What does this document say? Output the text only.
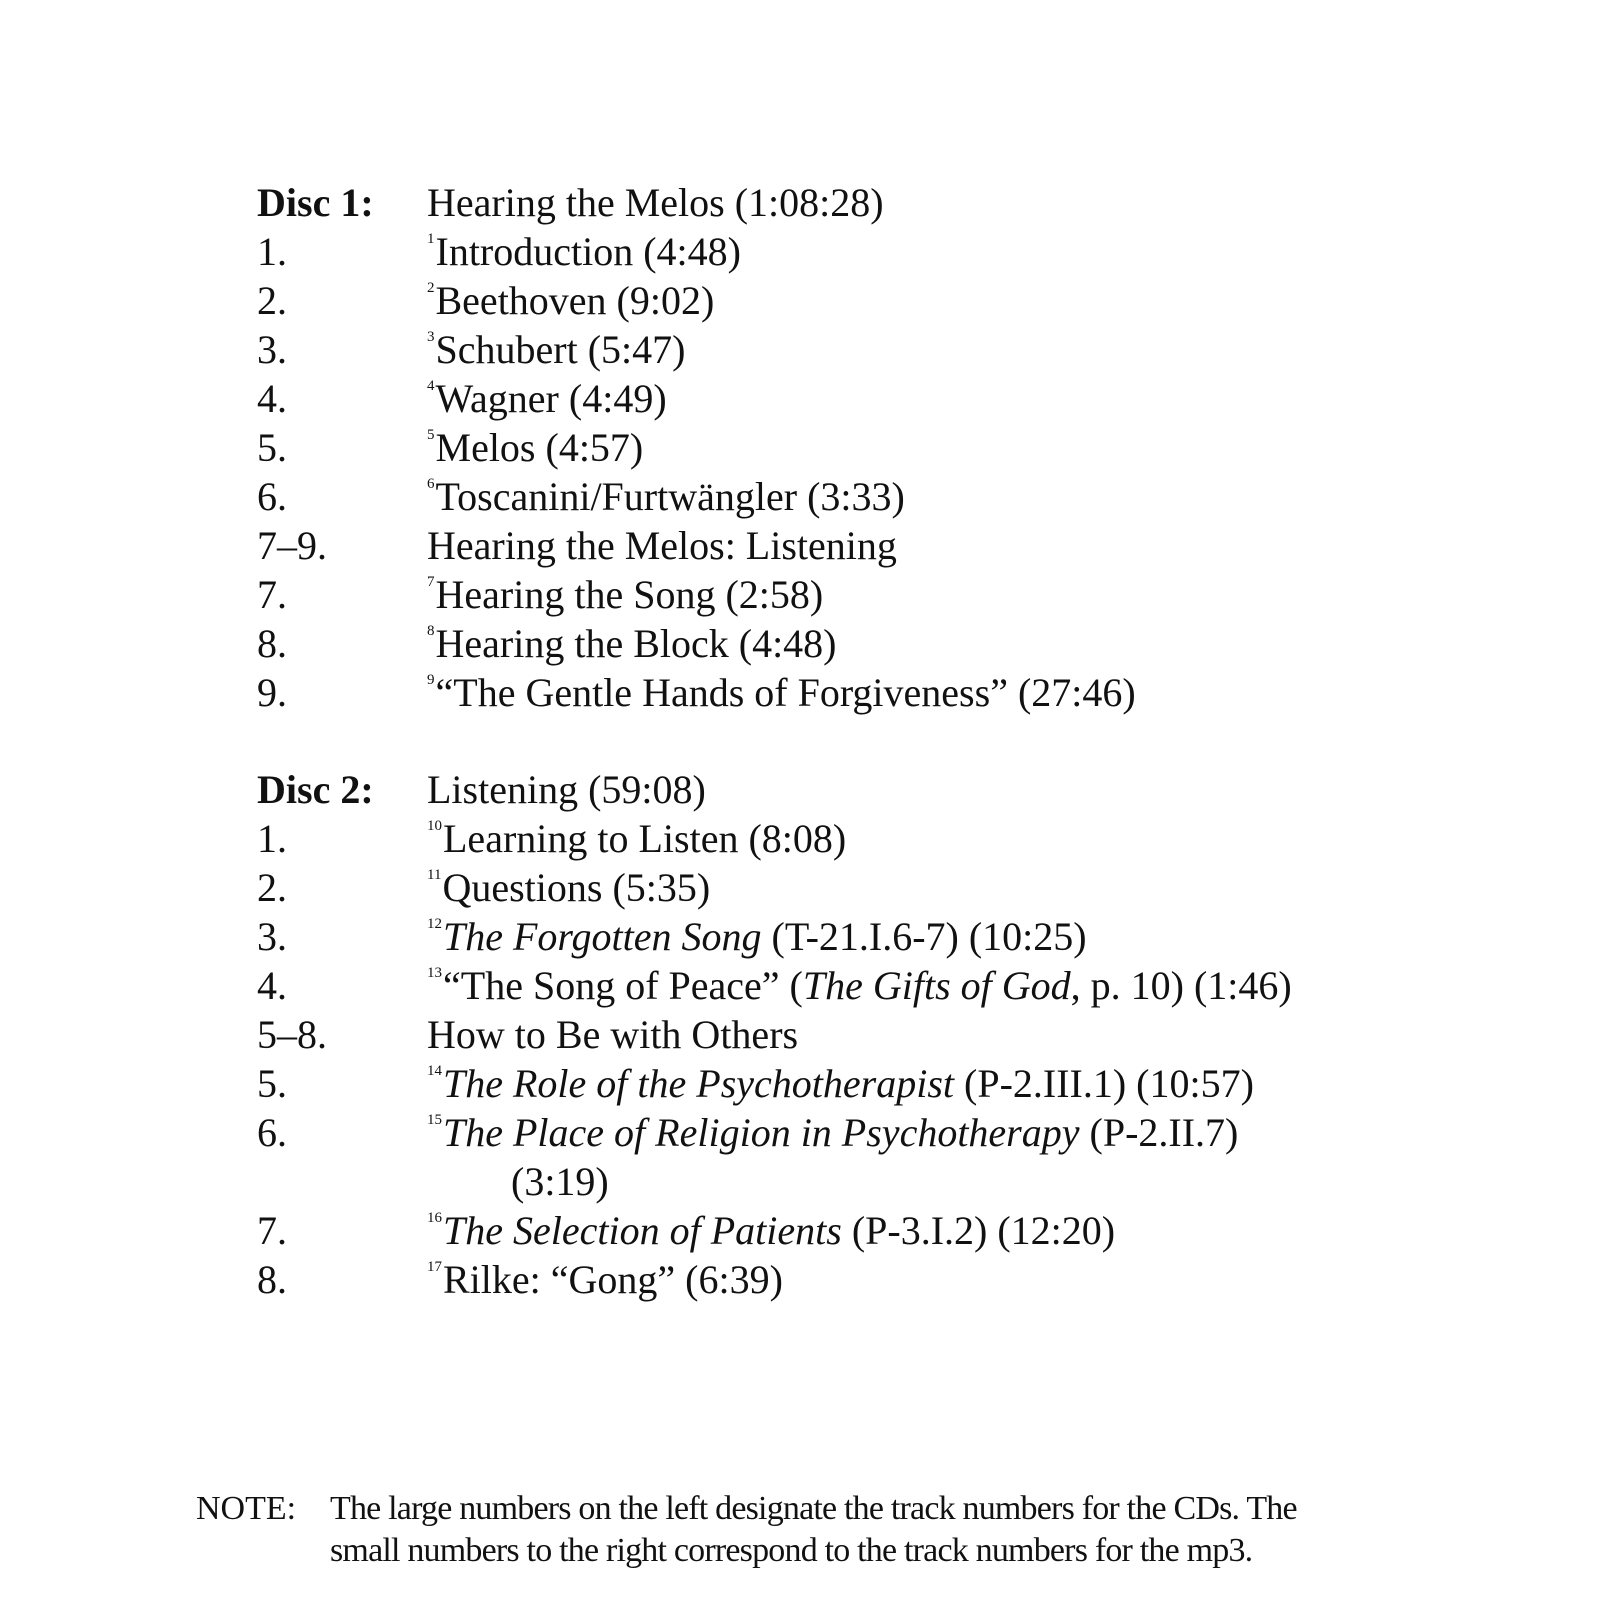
Disc 1:	Hearing the Melos (1:08:28)
1.	$^1$Introduction (4:48)
2.	$^2$Beethoven (9:02)
3.	$^3$Schubert (5:47)
4.	$^4$Wagner (4:49)
5.	$^5$Melos (4:57)
6.	$^6$Toscanini/Furtwängler (3:33)
7–9.	Hearing the Melos: Listening
7.	$^7$Hearing the Song (2:58)
8.	$^8$Hearing the Block (4:48)
9.	$^9$“The Gentle Hands of Forgiveness” (27:46)
Disc 2:	Listening (59:08)
1.	$^{10}$Learning to Listen (8:08)
2.	$^{11}$Questions (5:35)
3.	$^{12}$The Forgotten Song (T-21.I.6-7) (10:25)
4.	$^{13}$“The Song of Peace” (The Gifts of God, p. 10) (1:46)
5–8.	How to Be with Others
5.	$^{14}$The Role of the Psychotherapist (P-2.III.1) (10:57)
6.	$^{15}$The Place of Religion in Psychotherapy (P-2.II.7)
(3:19)
7.	$^{16}$The Selection of Patients (P-3.I.2) (12:20)
8.	$^{17}$Rilke: “Gong” (6:39)
NOTE: The large numbers on the left designate the track numbers for the CDs. The
small numbers to the right correspond to the track numbers for the mp3.
